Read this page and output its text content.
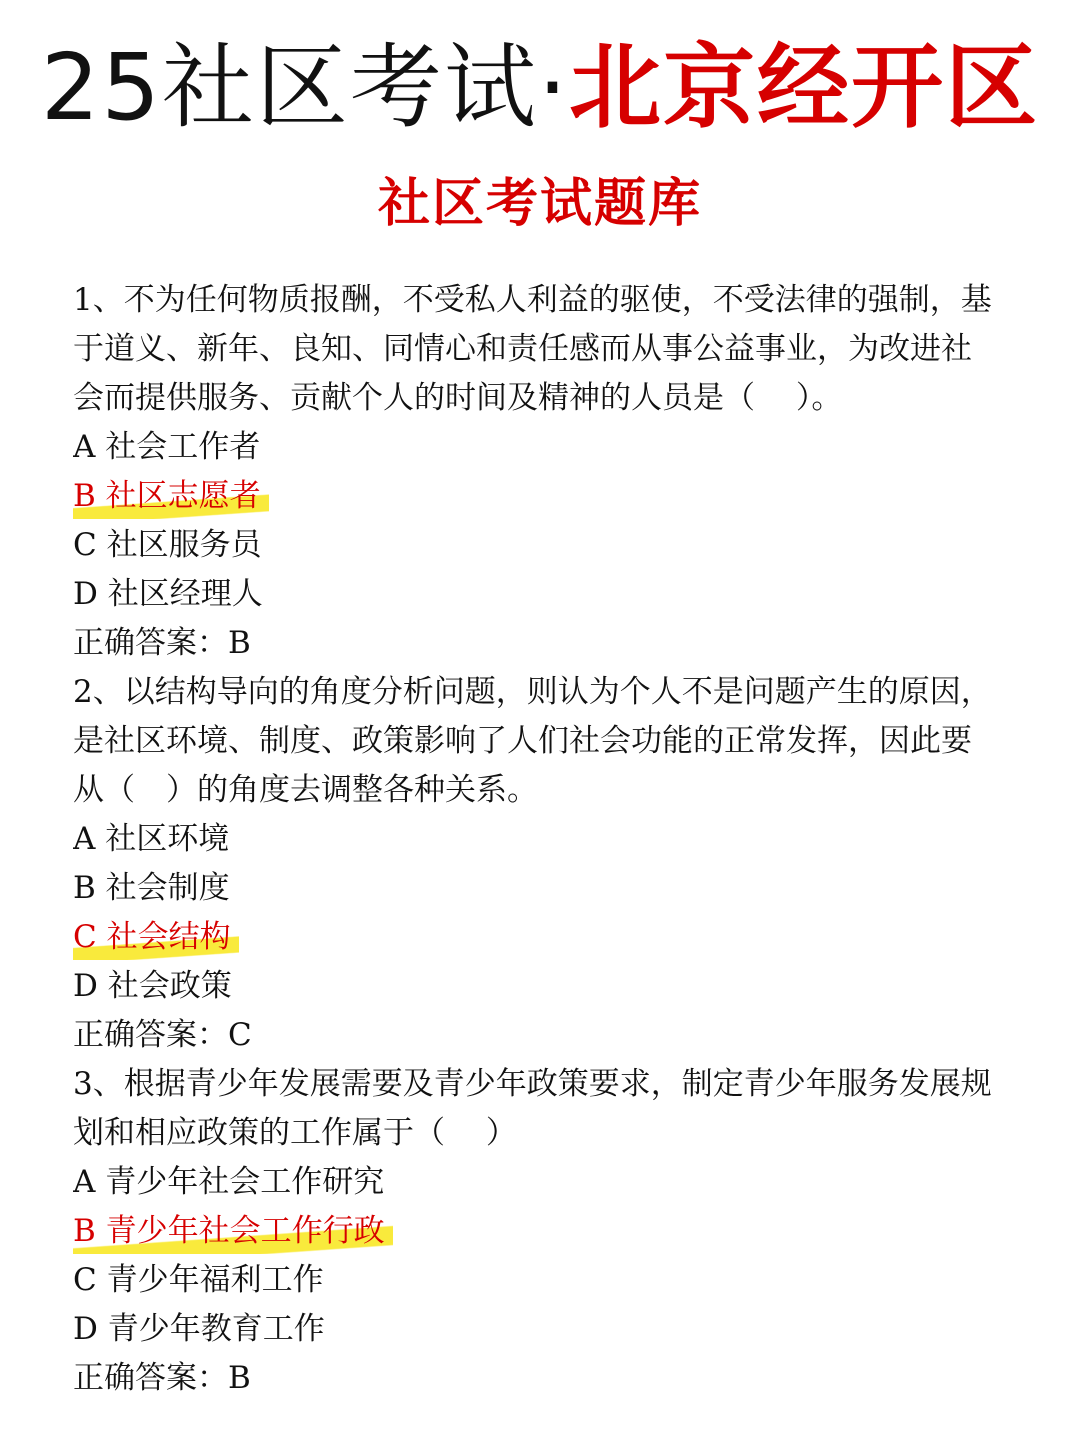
25社区考试·北京经开区
社区考试题库
1、不为任何物质报酬，不受私人利益的驱使，不受法律的强制，基
于道义、新年、良知、同情心和责任感而从事公益事业，为改进社
会而提供服务、贡献个人的时间及精神的人员是（　 ）。
A 社会工作者
B 社区志愿者
C 社区服务员
D 社区经理人
正确答案：B
2、以结构导向的角度分析问题，则认为个人不是问题产生的原因，
是社区环境、制度、政策影响了人们社会功能的正常发挥，因此要
从（　）的角度去调整各种关系。
A 社区环境
B 社会制度
C 社会结构
D 社会政策
正确答案：C
3、根据青少年发展需要及青少年政策要求，制定青少年服务发展规
划和相应政策的工作属于（　 ）
A 青少年社会工作研究
B 青少年社会工作行政
C 青少年福利工作
D 青少年教育工作
正确答案：B
